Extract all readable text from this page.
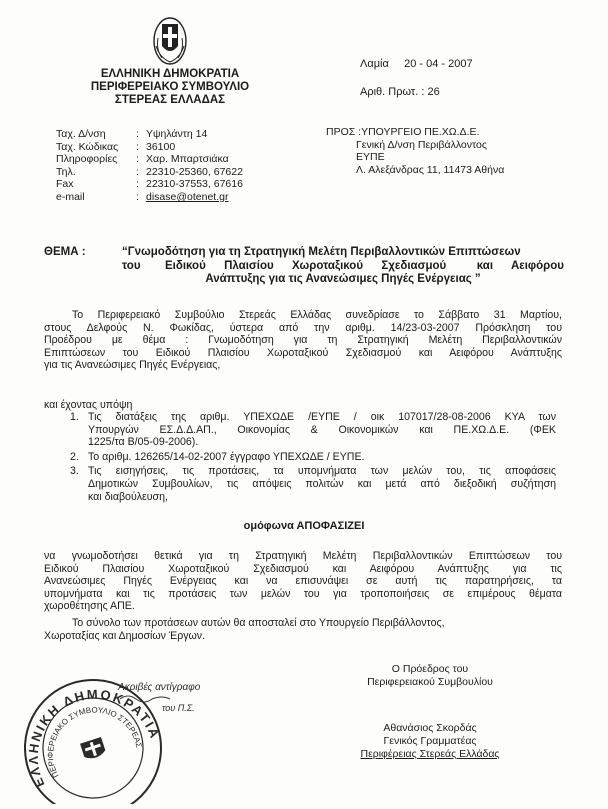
ΕΛΛΗΝΙΚΗ ΔΗΜΟΚΡΑΤΙΑ
ΠΕΡΙΦΕΡΕΙΑΚΟ ΣΥΜΒΟΥΛΙΟ
ΣΤΕΡΕΑΣ ΕΛΛΑΔΑΣ
Λαμία     20 - 04 - 2007
Αριθ. Πρωτ. : 26
Ταχ. Δ/νση	: Υψηλάντη 14
Ταχ. Κώδικας	: 36100
Πληροφορίες	: Χαρ. Μπαρτσιάκα
Τηλ.	: 22310-25360, 67622
Fax	: 22310-37553, 67616
e-mail	: disase@otenet.gr
ΠΡΟΣ :ΥΠΟΥΡΓΕΙΟ ΠΕ.ΧΩ.Δ.Ε.
Γενική Δ/νση Περιβάλλοντος
ΕΥΠΕ
Λ. Αλεξάνδρας 11, 11473 Αθήνα
ΘΕΜΑ :	“Γνωμοδότηση για τη Στρατηγική Μελέτη Περιβαλλοντικών Επιπτώσεων
του    Ειδικού   Πλαισίου   Χωροταξικού   Σχεδιασμού     και   Αειφόρου
Ανάπτυξης για τις Ανανεώσιμες Πηγές Ενέργειας ”
Το Περιφερειακό Συμβούλιο Στερεάς Ελλάδας συνεδρίασε το Σάββατο 31 Μαρτίου,
στους Δελφούς Ν. Φωκίδας, ύστερα από την αριθμ. 14/23-03-2007 Πρόσκληση του
Προέδρου με θέμα : Γνωμοδότηση για τη Στρατηγική Μελέτη Περιβαλλοντικών
Επιπτώσεων του Ειδικού Πλαισίου Χωροταξικού Σχεδιασμού και Αειφόρου Ανάπτυξης
για τις Ανανεώσιμες Πηγές Ενέργειας,
και έχοντας υπόψη
1. Τις διατάξεις της αριθμ. ΥΠΕΧΩΔΕ /ΕΥΠΕ / οικ 107017/28-08-2006 ΚΥΑ των
Υπουργών ΕΣ.Δ.Δ.ΑΠ., Οικονομίας & Οικονομικών και ΠΕ.ΧΩ.Δ.Ε. (ΦΕΚ
1225/τα Β/05-09-2006).
2. Το αριθμ. 126265/14-02-2007 έγγραφο ΥΠΕΧΩΔΕ / ΕΥΠΕ.
3. Τις εισηγήσεις, τις προτάσεις, τα υπομνήματα των μελών του, τις αποφάσεις
Δημοτικών Συμβουλίων, τις απόψεις πολιτών και μετά από διεξοδική συζήτηση
και διαβούλευση,
ομόφωνα ΑΠΟΦΑΣΙΖΕΙ
να γνωμοδοτήσει θετικά για τη Στρατηγική Μελέτη Περιβαλλοντικών Επιπτώσεων του
Ειδικού Πλαισίου Χωροταξικού Σχεδιασμού και Αειφόρου Ανάπτυξης για τις
Ανανεώσιμες Πηγές Ενέργειας και να επισυνάψει σε αυτή τις παρατηρήσεις, τα
υπομνήματα και τις προτάσεις των μελών του για τροποποιήσεις σε επιμέρους θέματα
χωροθέτησης ΑΠΕ.
Το σύνολο των προτάσεων αυτών θα αποσταλεί στο Υπουργείο Περιβάλλοντος,
Χωροταξίας και Δημοσίων Έργων.
Ο Πρόεδρος του
Περιφερειακού Συμβουλίου
Αθανάσιος Σκορδάς
Γενικός Γραμματέας
Περιφέρειας Στερεάς Ελλάδας
ΕΛΛΗΝΙΚΗ ΔΗΜΟΚΡΑΤΙΑ
ΠΕΡΙΦΕΡΕΙΑΚΟ ΣΥΜΒΟΥΛΙΟ ΣΤΕΡΕΑΣ
Ακριβές αντίγραφο
του Π.Σ.
